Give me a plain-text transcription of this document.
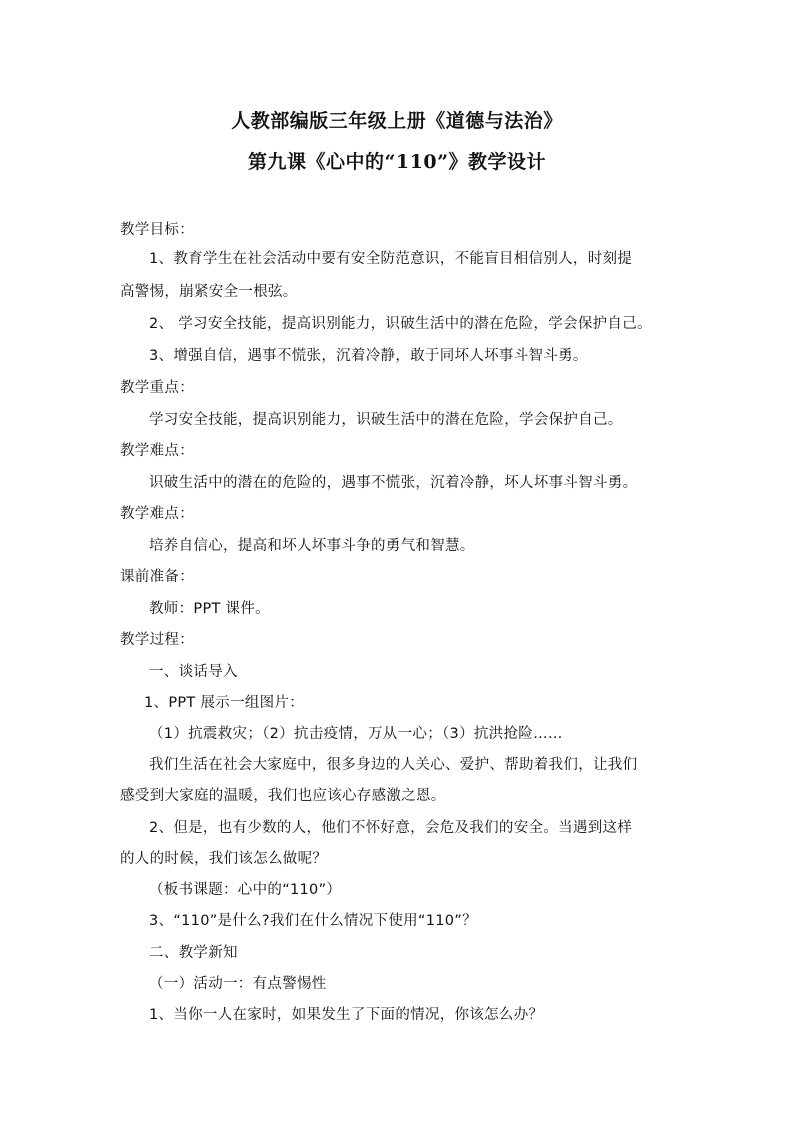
人教部编版三年级上册《道德与法治》
第九课《心中的“110”》教学设计
教学目标：
1、教育学生在社会活动中要有安全防范意识，不能盲目相信别人，时刻提
高警惕，崩紧安全一根弦。
2、 学习安全技能，提高识别能力，识破生活中的潜在危险，学会保护自己。
3、增强自信，遇事不慌张，沉着冷静，敢于同坏人坏事斗智斗勇。
教学重点：
学习安全技能，提高识别能力，识破生活中的潜在危险，学会保护自己。
教学难点：
识破生活中的潜在的危险的，遇事不慌张，沉着冷静，坏人坏事斗智斗勇。
教学难点：
培养自信心，提高和坏人坏事斗争的勇气和智慧。
课前准备：
教师：PPT 课件。
教学过程：
一、谈话导入
1、PPT 展示一组图片：
（1）抗震救灾；（2）抗击疫情，万从一心；（3）抗洪抢险……
我们生活在社会大家庭中，很多身边的人关心、爱护、帮助着我们，让我们
感受到大家庭的温暖，我们也应该心存感激之恩。
2、但是，也有少数的人，他们不怀好意，会危及我们的安全。当遇到这样
的人的时候，我们该怎么做呢？
（板书课题：心中的“110”）
3、“110”是什么?我们在什么情况下使用“110”？
二、教学新知
（一）活动一：有点警惕性
1、当你一人在家时，如果发生了下面的情况，你该怎么办？
